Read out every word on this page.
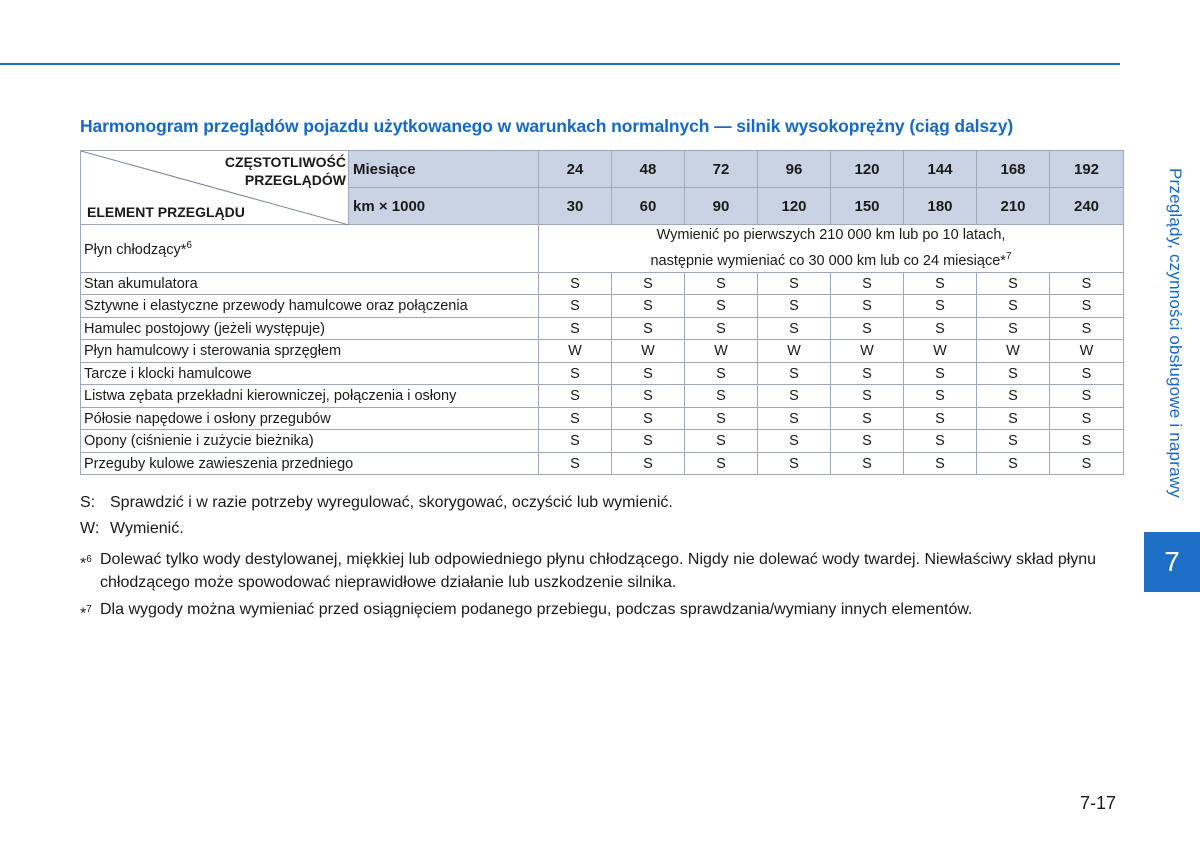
Harmonogram przeglądów pojazdu użytkowanego w warunkach normalnych — silnik wysokoprężny (ciąg dalszy)
CZĘSTOTLIWOŚĆ
PRZEGLĄDÓW
ELEMENT PRZEGLĄDU	Miesiące	24	48	72	96	120	144	168	192
	km × 1000	30	60	90	120	150	180	210	240
Płyn chłodzący*$^6$		Wymienić po pierwszych 210 000 km lub po 10 latach,
następnie wymieniać co 30 000 km lub co 24 miesiące*$^7$

Stan akumulatora		S	S	S	S	S	S	S	S
Sztywne i elastyczne przewody hamulcowe oraz połączenia		S	S	S	S	S	S	S	S
Hamulec postojowy (jeżeli występuje)		S	S	S	S	S	S	S	S
Płyn hamulcowy i sterowania sprzęgłem		W	W	W	W	W	W	W	W
Tarcze i klocki hamulcowe		S	S	S	S	S	S	S	S
Listwa zębata przekładni kierowniczej, połączenia i osłony		S	S	S	S	S	S	S	S
Półosie napędowe i osłony przegubów		S	S	S	S	S	S	S	S
Opony (ciśnienie i zużycie bieżnika)		S	S	S	S	S	S	S	S
Przeguby kulowe zawieszenia przedniego		S	S	S	S	S	S	S	S
S: Sprawdzić i w razie potrzeby wyregulować, skorygować, oczyścić lub wymienić.
W: Wymienić.
*$^6$ Dolewać tylko wody destylowanej, miękkiej lub odpowiedniego płynu chłodzącego. Nigdy nie dolewać wody twardej. Niewłaściwy skład płynu chłodzącego może spowodować nieprawidłowe działanie lub uszkodzenie silnika.
*$^7$ Dla wygody można wymieniać przed osiągnięciem podanego przebiegu, podczas sprawdzania/wymiany innych elementów.
Przeglądy, czynności obsługowe i naprawy
7
7-17
